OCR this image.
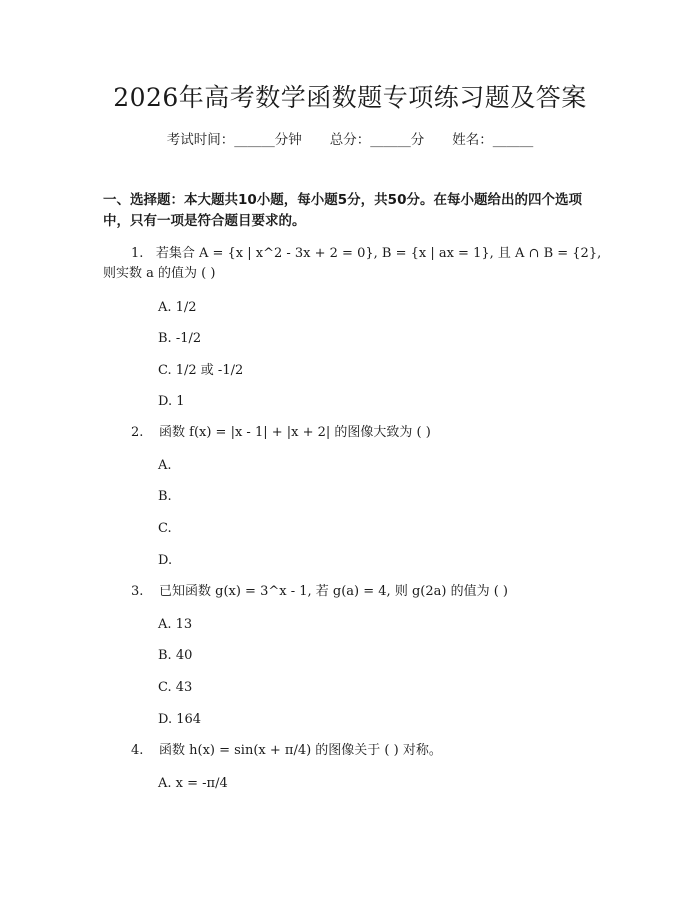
2026年高考数学函数题专项练习题及答案
考试时间：______分钟 总分：______分 姓名：______
一、选择题：本大题共10小题，每小题5分，共50分。在每小题给出的四个选项中，只有一项是符合题目要求的。
1. 若集合 A = {x | x^2 - 3x + 2 = 0}, B = {x | ax = 1}, 且 A ∩ B = {2}, 则实数 a 的值为 ( )
A. 1/2
B. -1/2
C. 1/2 或 -1/2
D. 1
2. 函数 f(x) = |x - 1| + |x + 2| 的图像大致为 ( )
A.
B.
C.
D.
3. 已知函数 g(x) = 3^x - 1, 若 g(a) = 4, 则 g(2a) 的值为 ( )
A. 13
B. 40
C. 43
D. 164
4. 函数 h(x) = sin(x + π/4) 的图像关于 ( ) 对称。
A. x = -π/4
